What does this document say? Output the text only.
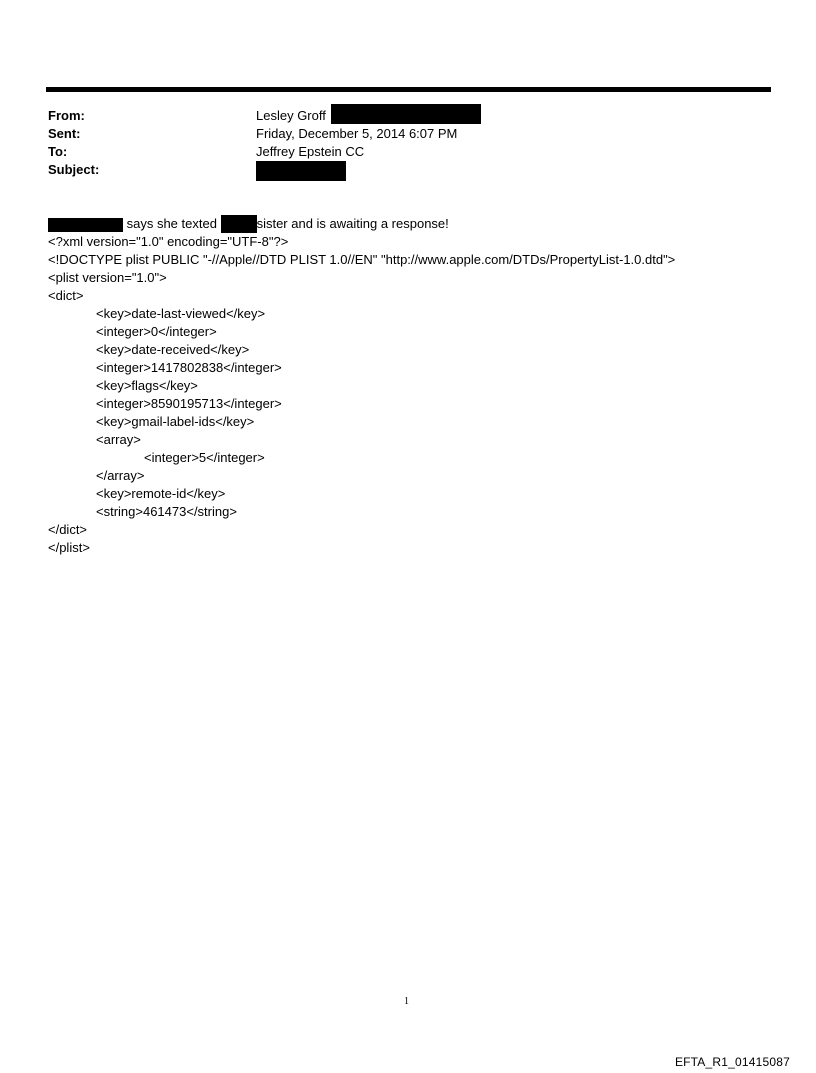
From:	Lesley Groff
Sent:	Friday, December 5, 2014 6:07 PM
To:	Jeffrey Epstein CC
Subject:
says she texted	sister and is awaiting a response!
<?xml version="1.0" encoding="UTF-8"?>
<!DOCTYPE plist PUBLIC "-//Apple//DTD PLIST 1.0//EN" "http://www.apple.com/DTDs/PropertyList-1.0.dtd">
<plist version="1.0">
<dict>
<key>date-last-viewed</key>
<integer>0</integer>
<key>date-received</key>
<integer>1417802838</integer>
<key>flags</key>
<integer>8590195713</integer>
<key>gmail-label-ids</key>
<array>
<integer>5</integer>
</array>
<key>remote-id</key>
<string>461473</string>
</dict>
</plist>
1
EFTA_R1_01415087
